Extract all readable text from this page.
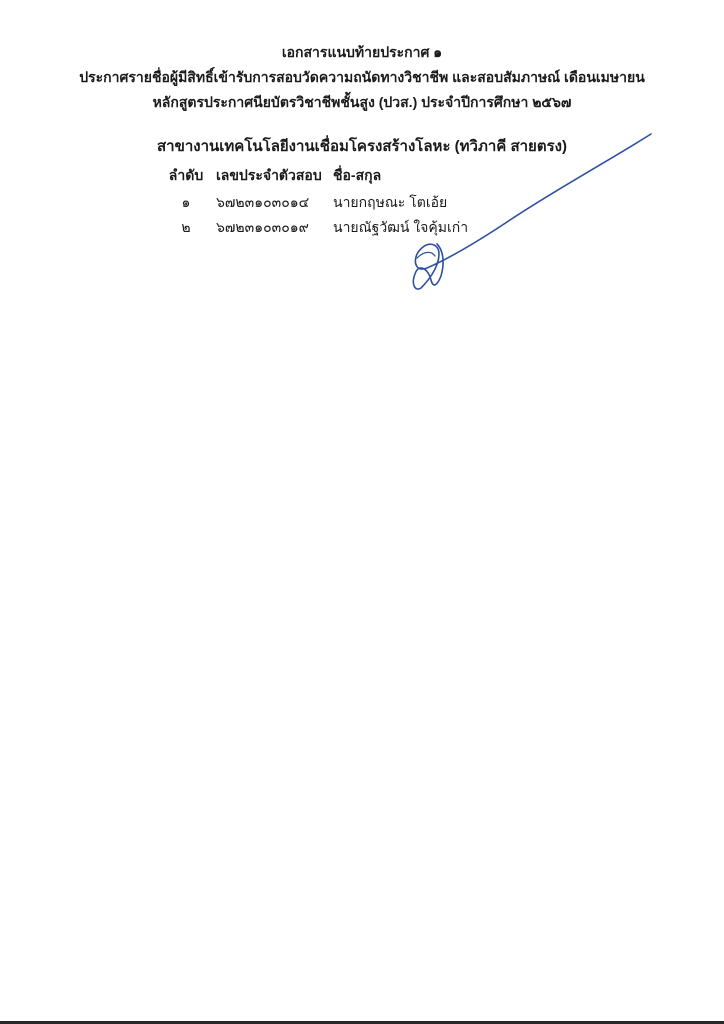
เอกสารแนบท้ายประกาศ ๑
ประกาศรายชื่อผู้มีสิทธิ์เข้ารับการสอบวัดความถนัดทางวิชาชีพ และสอบสัมภาษณ์ เดือนเมษายน
หลักสูตรประกาศนียบัตรวิชาชีพชั้นสูง (ปวส.) ประจำปีการศึกษา ๒๕๖๗
สาขางานเทคโนโลยีงานเชื่อมโครงสร้างโลหะ (ทวิภาคี สายตรง)
ลำดับ เลขประจำตัวสอบ ชื่อ-สกุล
๑	๖๗๒๓๑๐๓๐๑๔ นายกฤษณะ โตเอ้ย
๒	๖๗๒๓๑๐๓๐๑๙ นายณัฐวัฒน์ ใจคุ้มเก่า
